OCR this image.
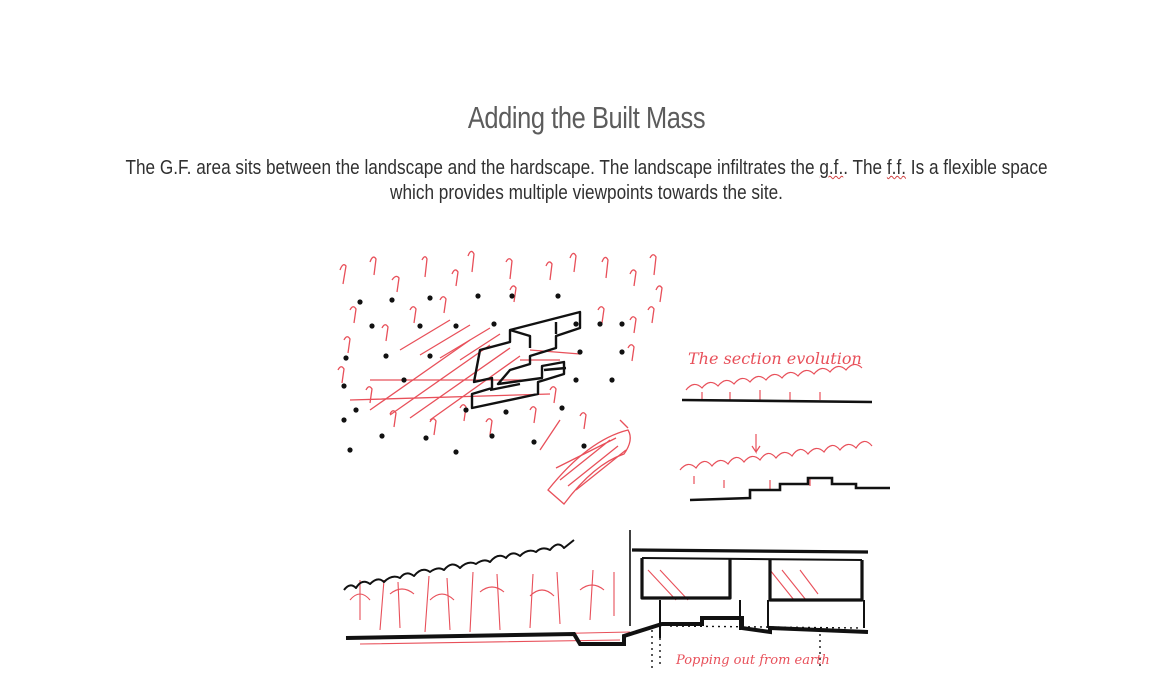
Adding the Built Mass
The G.F. area sits between the landscape and the hardscape. The landscape infiltrates the g.f.. The f.f. Is a flexible space which provides multiple viewpoints towards the site.
The section evolution
Popping out from earth
